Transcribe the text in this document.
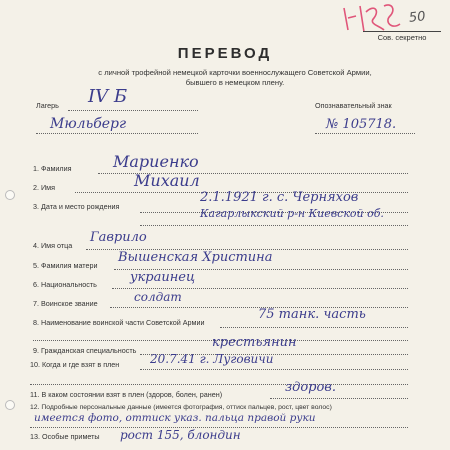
50
Сов. секретно
ПЕРЕВОД
с личной трофейной немецкой карточки военнослужащего Советской Армии,
бывшего в немецком плену.
Лагерь IV Б
Мюльберг
Опознавательный знак
№ 105718.
1. Фамилия	Мариенко
2. Имя	Михаил
3. Дата и место рождения
2.1.1921 г. с. Черняхов
Кагарлыкский р-н Киевской об.
4. Имя отца
Гаврило
5. Фамилия матери
Вышенская Христина
6. Национальность	украинец
7. Воинское звание	солдат
8. Наименование воинской части Советской Армии
75 танк. часть
9. Гражданская специальность
крестьянин
10. Когда и где взят в плен	20.7.41 г. Луговичи
11. В каком состоянии взят в плен (здоров, болен, ранен)	здоров.
12. Подробные персональные данные (имеется фотография, оттиск пальцев, рост, цвет волос)
имеется фото, оттиск указ. пальца правой руки
13. Особые приметы рост 155, блондин
